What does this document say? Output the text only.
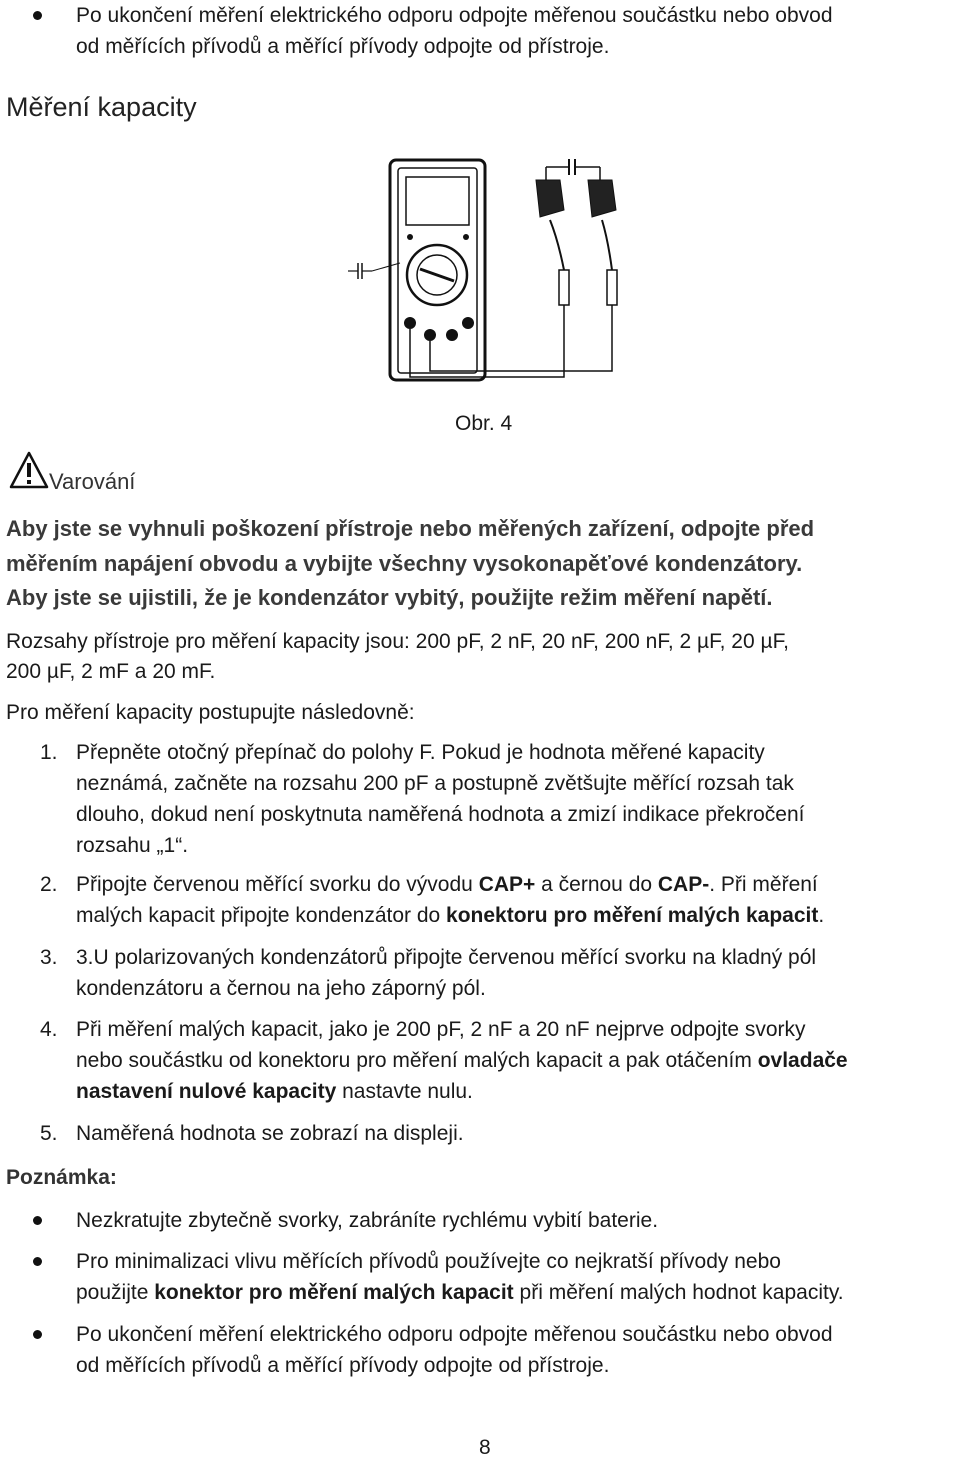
Po ukončení měření elektrického odporu odpojte měřenou součástku nebo obvod
od měřících přívodů a měřící přívody odpojte od přístroje.
Měření kapacity
Obr. 4
Varování
Aby jste se vyhnuli poškození přístroje nebo měřených zařízení, odpojte před
měřením napájení obvodu a vybijte všechny vysokonapěťové kondenzátory.
Aby jste se ujistili, že je kondenzátor vybitý, použijte režim měření napětí.
Rozsahy přístroje pro měření kapacity jsou: 200 pF, 2 nF, 20 nF, 200 nF, 2 µF, 20 µF,
200 µF, 2 mF a 20 mF.
Pro měření kapacity postupujte následovně:
1. Přepněte otočný přepínač do polohy F. Pokud je hodnota měřené kapacity
neznámá, začněte na rozsahu 200 pF a postupně zvětšujte měřící rozsah tak
dlouho, dokud není poskytnuta naměřená hodnota a zmizí indikace překročení
rozsahu „1“.
2. Připojte červenou měřící svorku do vývodu CAP+ a černou do CAP-. Při měření
malých kapacit připojte kondenzátor do konektoru pro měření malých kapacit.
3. 3.U polarizovaných kondenzátorů připojte červenou měřící svorku na kladný pól
kondenzátoru a černou na jeho záporný pól.
4. Při měření malých kapacit, jako je 200 pF, 2 nF a 20 nF nejprve odpojte svorky
nebo součástku od konektoru pro měření malých kapacit a pak otáčením ovladače
nastavení nulové kapacity nastavte nulu.
5. Naměřená hodnota se zobrazí na displeji.
Poznámka:
Nezkratujte zbytečně svorky, zabráníte rychlému vybití baterie.
Pro minimalizaci vlivu měřících přívodů používejte co nejkratší přívody nebo
použijte konektor pro měření malých kapacit při měření malých hodnot kapacity.
Po ukončení měření elektrického odporu odpojte měřenou součástku nebo obvod
od měřících přívodů a měřící přívody odpojte od přístroje.
8
